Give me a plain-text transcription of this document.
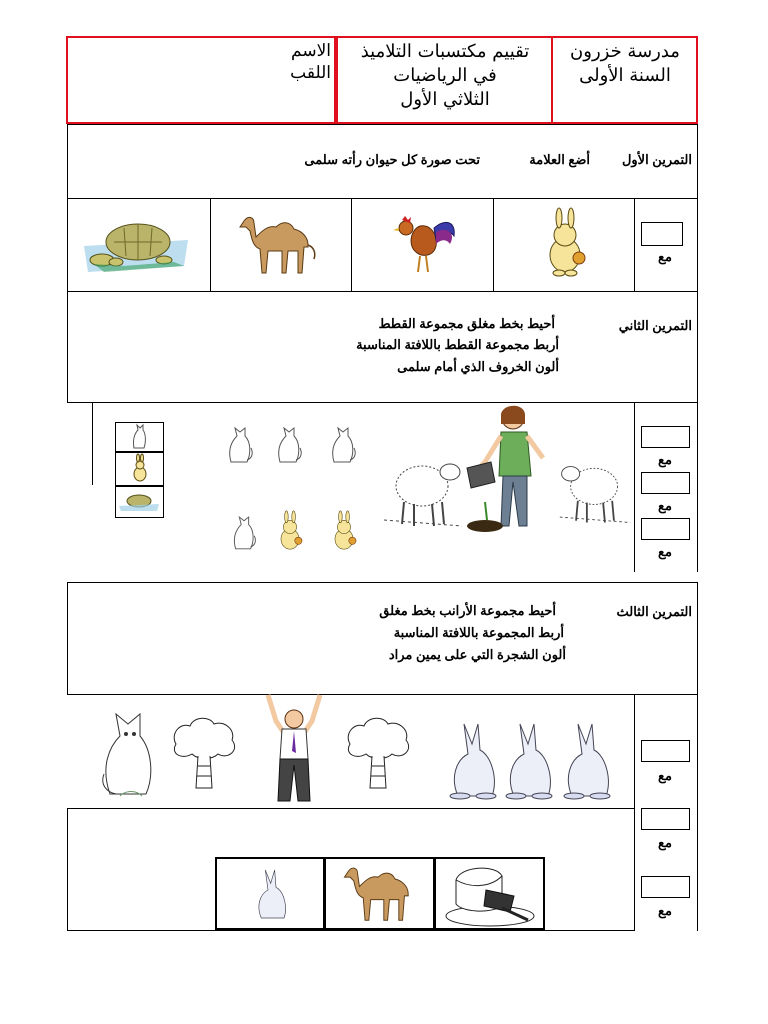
مدرسة خزرون
السنة الأولى
تقييم مكتسبات التلاميذ
في الرياضيات
الثلاثي الأول
الاسم
اللقب
التمرين الأول
أضع العلامة
تحت صورة كل حيوان رأته سلمى
مع
التمرين الثاني
أحيط بخط مغلق مجموعة القطط
أربط مجموعة القطط باللافتة المناسبة
ألون الخروف الذي أمام سلمى
مع
مع
مع
التمرين الثالث
أحيط مجموعة الأرانب بخط مغلق
أربط المجموعة باللافتة المناسبة
ألون الشجرة التي على يمين مراد
مع
مع
مع
